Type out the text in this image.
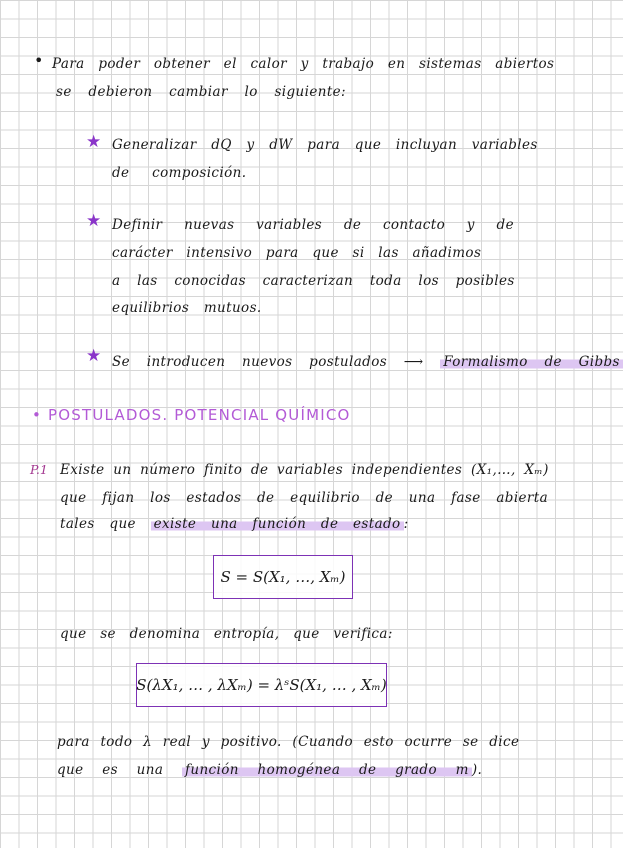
• Para poder obtener el calor y trabajo en sistemas abiertos
se debieron cambiar lo siguiente:
★ Generalizar dQ y dW para que incluyan variables
de composición.
★ Definir nuevas variables de contacto y de
carácter intensivo para que si las añadimos
a las conocidas caracterizan toda los posibles
equilibrios mutuos.
★ Se introducen nuevos postulados ⟶ Formalismo de Gibbs
• POSTULADOS. POTENCIAL QUÍMICO
P.1 Existe un número finito de variables independientes (X₁,…, Xₘ)
que fijan los estados de equilibrio de una fase abierta
tales que existe una función de estado :
S = S(X₁, …, Xₘ)
que se denomina entropía, que verifica:
S(λX₁, … , λXₘ) = λˢS(X₁, … , Xₘ)
para todo λ real y positivo. (Cuando esto ocurre se dice
que es una función homogénea de grado m ).
